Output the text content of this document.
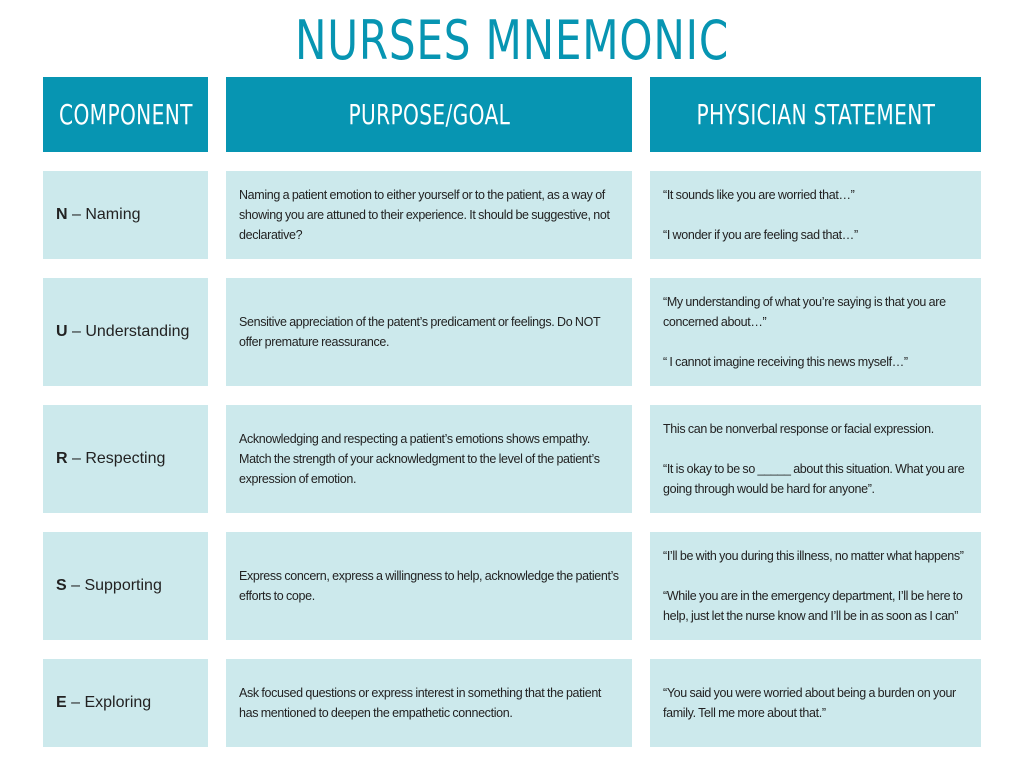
NURSES MNEMONIC
COMPONENT	PURPOSE/GOAL	PHYSICIAN STATEMENT
N – Naming
Naming a patient emotion to either yourself or to the patient, as a way of showing you are attuned to their experience. It should be suggestive, not declarative?
“It sounds like you are worried that…”
“I wonder if you are feeling sad that…”
U – Understanding
Sensitive appreciation of the patent’s predicament or feelings. Do NOT offer premature reassurance.
“My understanding of what you’re saying is that you are concerned about…”
“ I cannot imagine receiving this news myself…”
R – Respecting
Acknowledging and respecting a patient’s emotions shows empathy. Match the strength of your acknowledgment to the level of the patient’s expression of emotion.
This can be nonverbal response or facial expression.
“It is okay to be so _____ about this situation. What you are going through would be hard for anyone”.
S – Supporting
Express concern, express a willingness to help, acknowledge the patient’s efforts to cope.
“I’ll be with you during this illness, no matter what happens”
“While you are in the emergency department, I’ll be here to help, just let the nurse know and I’ll be in as soon as I can”
E – Exploring
Ask focused questions or express interest in something that the patient has mentioned to deepen the empathetic connection.
“You said you were worried about being a burden on your family. Tell me more about that.”
